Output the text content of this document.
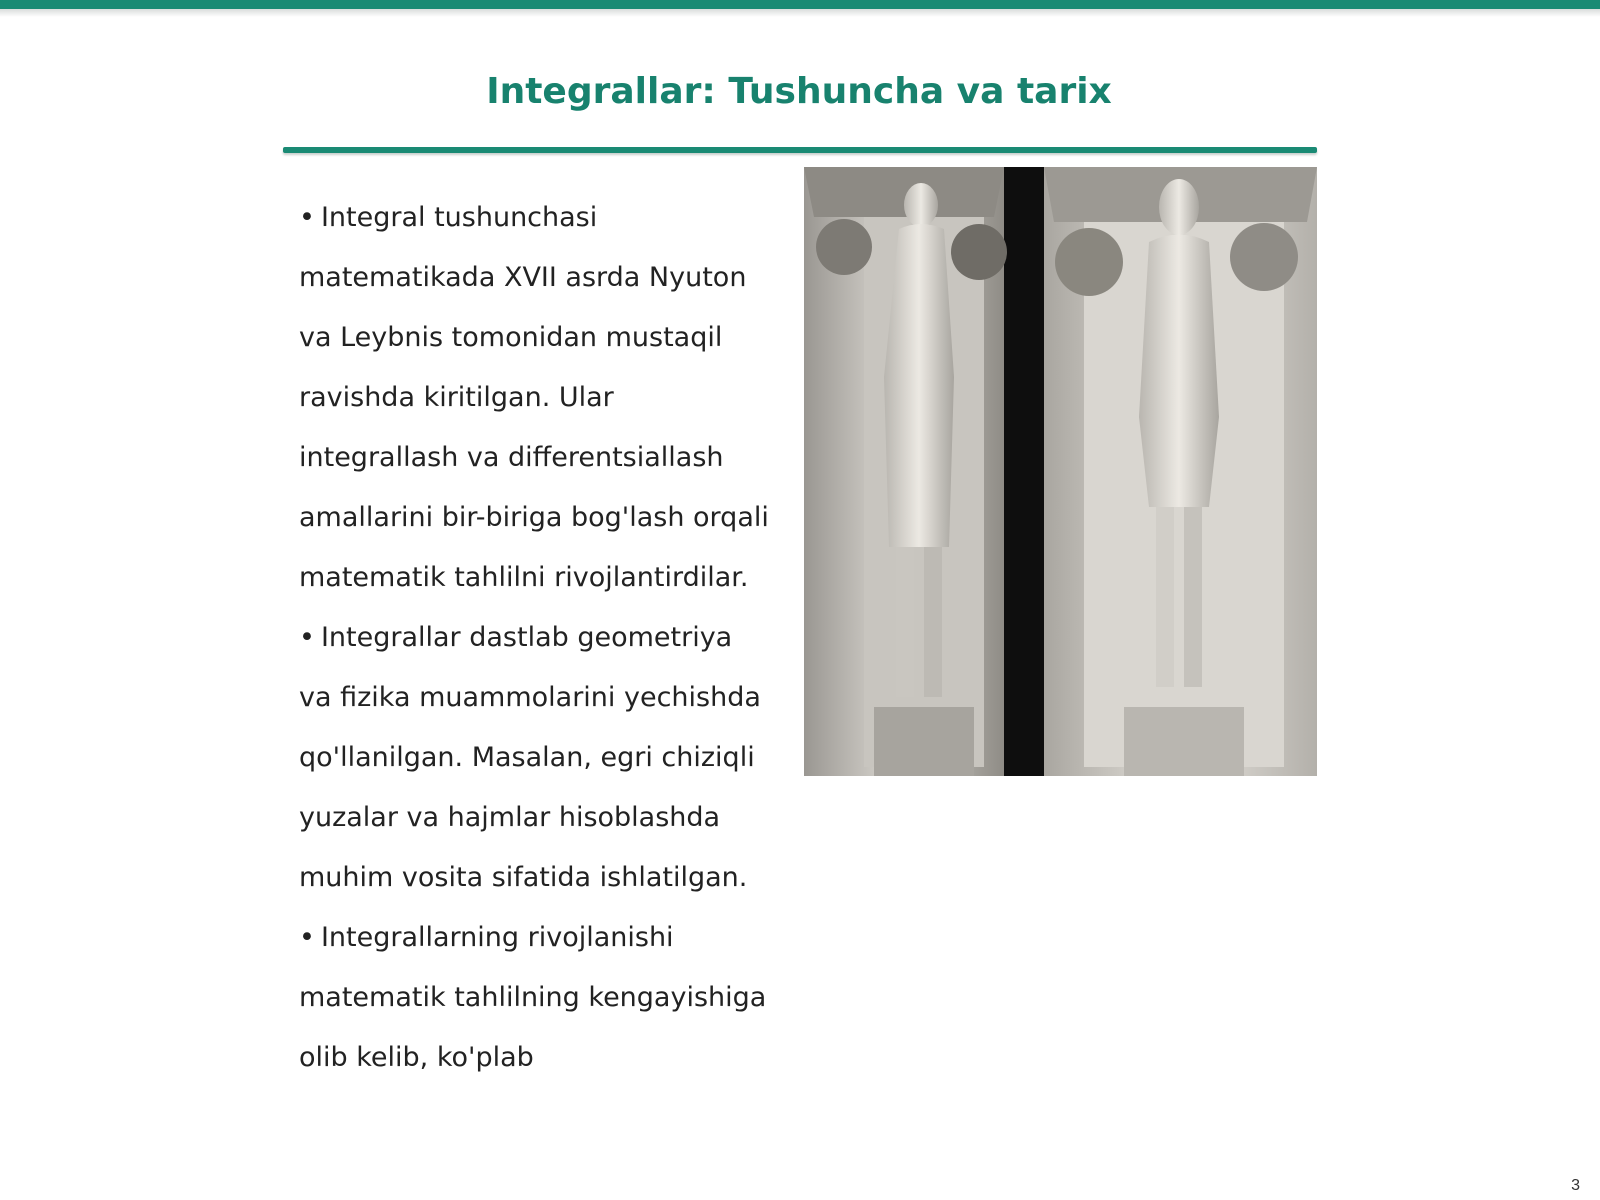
Integrallar: Tushuncha va tarix

• Integral tushunchasi matematikada XVII asrda Nyuton va Leybnis tomonidan mustaqil ravishda kiritilgan. Ular integrallash va differentsiallash amallarini bir-biriga bog'lash orqali matematik tahlilni rivojlantirdilar.

• Integrallar dastlab geometriya va fizika muammolarini yechishda qo'llanilgan. Masalan, egri chiziqli yuzalar va hajmlar hisoblashda muhim vosita sifatida ishlatilgan.

• Integrallarning rivojlanishi matematik tahlilning kengayishiga olib kelib, ko'plab

3
